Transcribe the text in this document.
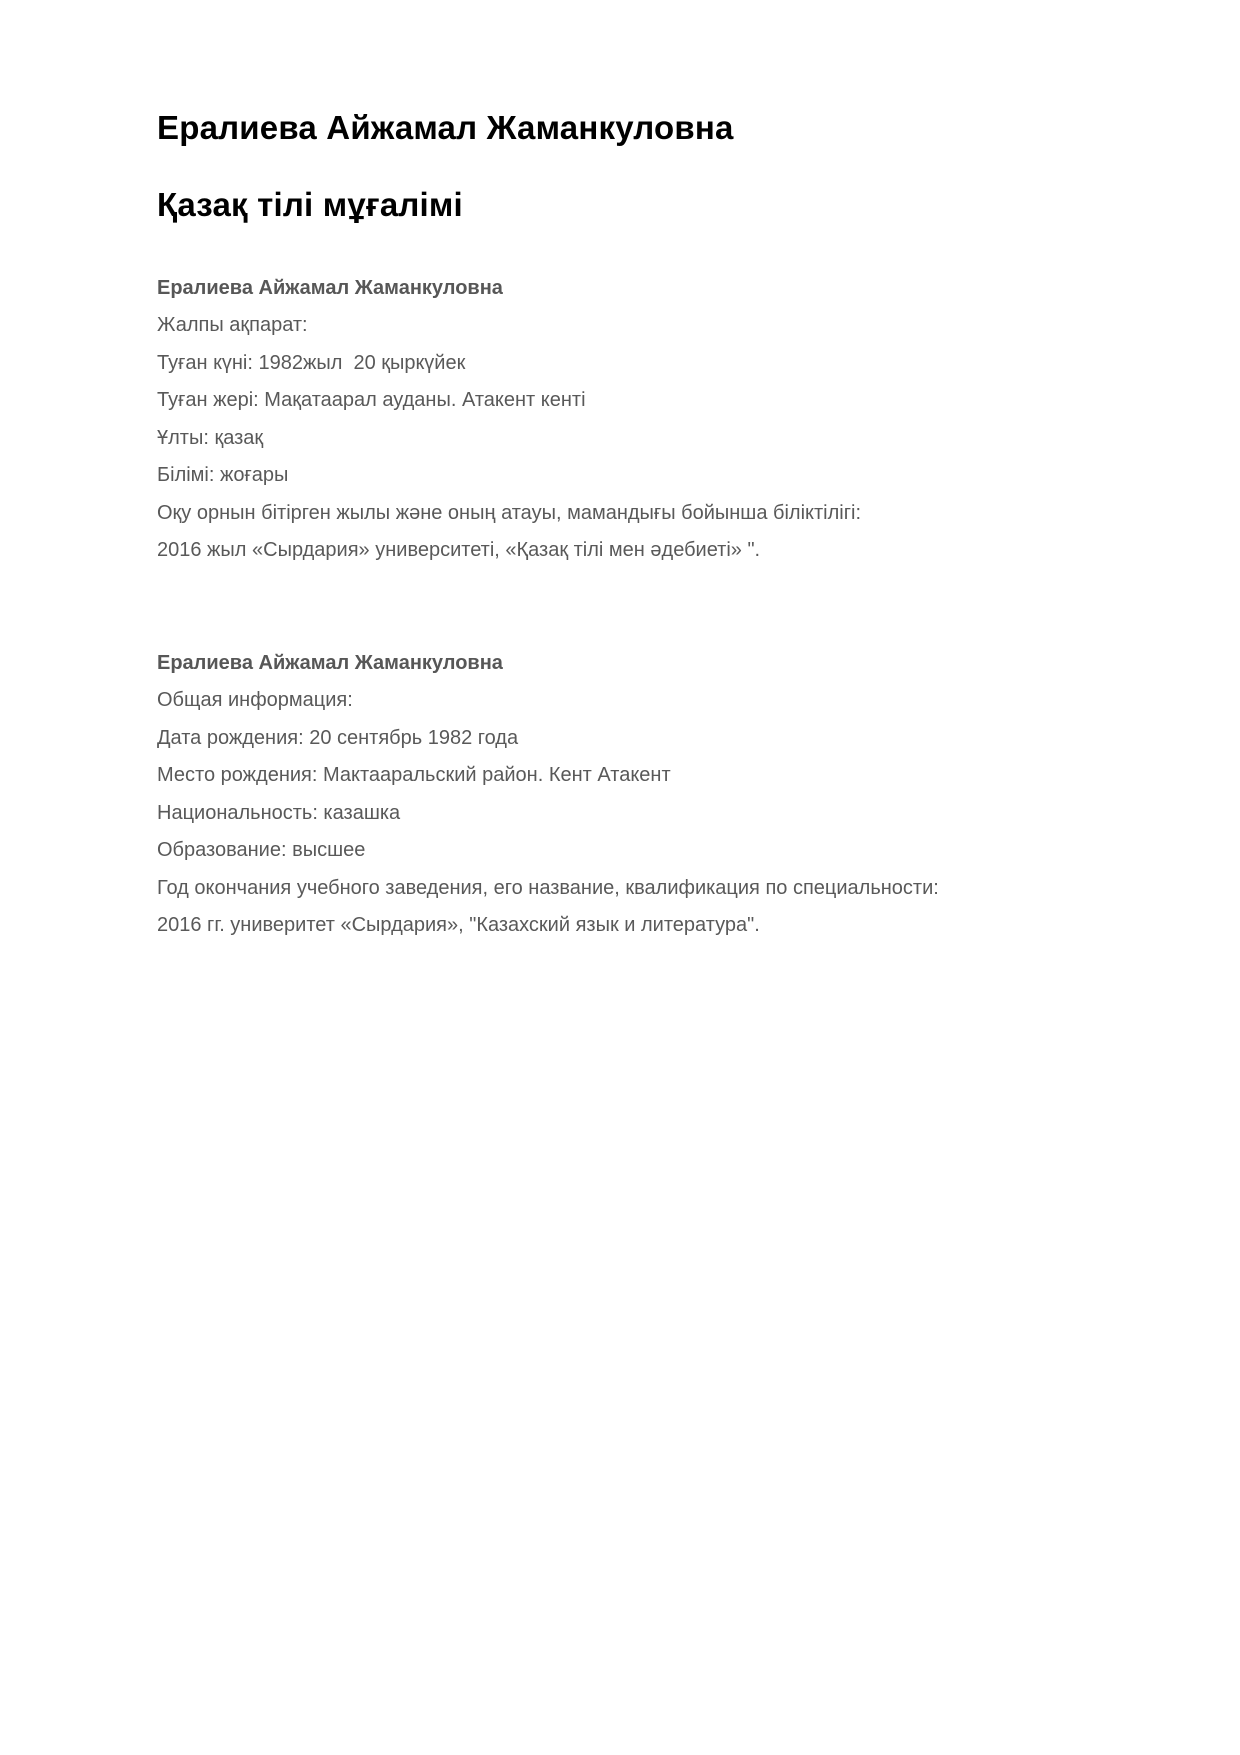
Ералиева Айжамал Жаманкуловна
Қазақ тілі мұғалімі

Ералиева Айжамал Жаманкуловна

Жалпы ақпарат:

Туған күні: 1982жыл  20 қыркүйек

Туған жері: Мақатаарал ауданы. Атакент кенті

Ұлты: қазақ

Білімі: жоғары

Оқу орнын бітірген жылы және оның атауы, мамандығы бойынша біліктілігі:

2016 жыл «Сырдария» университеті, «Қазақ тілі мен әдебиеті» ".

Ералиева Айжамал Жаманкуловна

Общая информация:

Дата рождения: 20 сентябрь 1982 года

Место рождения: Мактааральский район. Кент Атакент

Национальность: казашка

Образование: высшее

Год окончания учебного заведения, его название, квалификация по специальности:

2016 гг. универитет «Сырдария», "Казахский язык и литература".
